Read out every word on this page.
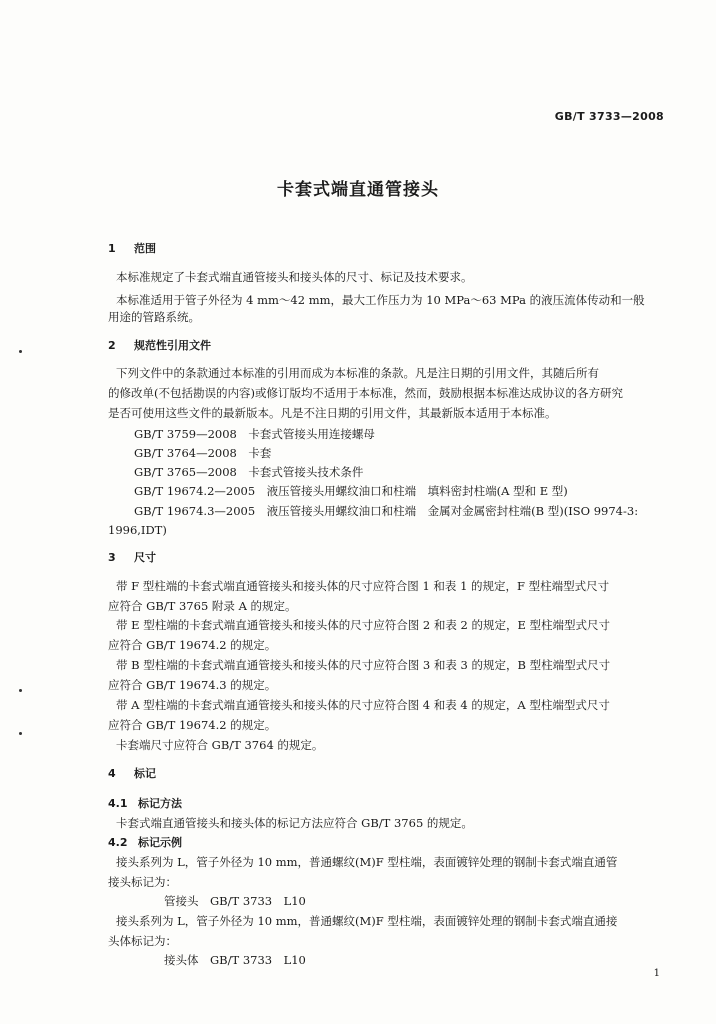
GB/T 3733—2008
卡套式端直通管接头
1 范围
本标准规定了卡套式端直通管接头和接头体的尺寸、标记及技术要求。
本标准适用于管子外径为 4 mm～42 mm，最大工作压力为 10 MPa～63 MPa 的液压流体传动和一般
用途的管路系统。
2 规范性引用文件
下列文件中的条款通过本标准的引用而成为本标准的条款。凡是注日期的引用文件，其随后所有
的修改单(不包括勘误的内容)或修订版均不适用于本标准，然而，鼓励根据本标准达成协议的各方研究
是否可使用这些文件的最新版本。凡是不注日期的引用文件，其最新版本适用于本标准。
GB/T 3759—2008　卡套式管接头用连接螺母
GB/T 3764—2008　卡套
GB/T 3765—2008　卡套式管接头技术条件
GB/T 19674.2—2005　液压管接头用螺纹油口和柱端　填料密封柱端(A 型和 E 型)
GB/T 19674.3—2005　液压管接头用螺纹油口和柱端　金属对金属密封柱端(B 型)(ISO 9974-3:
1996,IDT)
3 尺寸
带 F 型柱端的卡套式端直通管接头和接头体的尺寸应符合图 1 和表 1 的规定，F 型柱端型式尺寸
应符合 GB/T 3765 附录 A 的规定。
带 E 型柱端的卡套式端直通管接头和接头体的尺寸应符合图 2 和表 2 的规定，E 型柱端型式尺寸
应符合 GB/T 19674.2 的规定。
带 B 型柱端的卡套式端直通管接头和接头体的尺寸应符合图 3 和表 3 的规定，B 型柱端型式尺寸
应符合 GB/T 19674.3 的规定。
带 A 型柱端的卡套式端直通管接头和接头体的尺寸应符合图 4 和表 4 的规定，A 型柱端型式尺寸
应符合 GB/T 19674.2 的规定。
卡套端尺寸应符合 GB/T 3764 的规定。
4 标记
4.1 标记方法
卡套式端直通管接头和接头体的标记方法应符合 GB/T 3765 的规定。
4.2 标记示例
接头系列为 L，管子外径为 10 mm，普通螺纹(M)F 型柱端，表面镀锌处理的钢制卡套式端直通管
接头标记为：
管接头　GB/T 3733　L10
接头系列为 L，管子外径为 10 mm，普通螺纹(M)F 型柱端，表面镀锌处理的钢制卡套式端直通接
头体标记为：
接头体　GB/T 3733　L10
1
